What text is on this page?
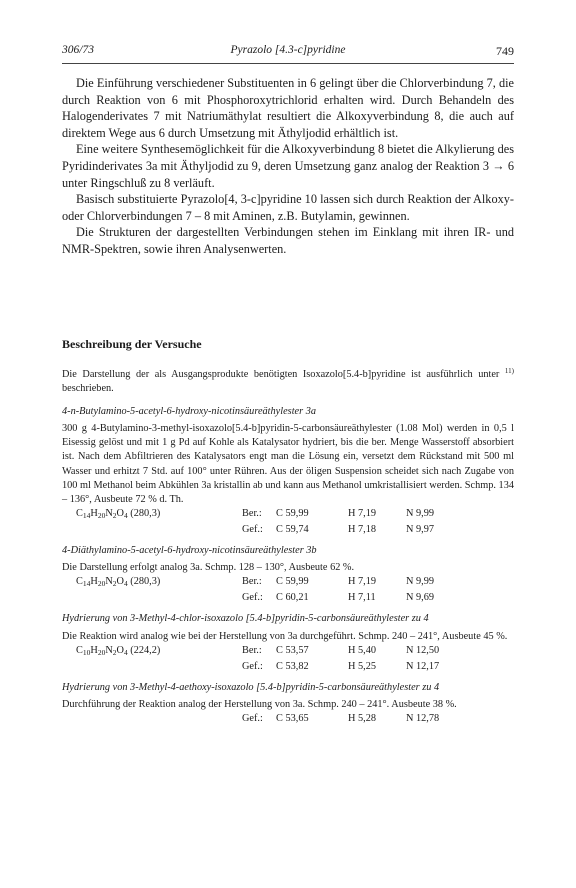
306/73	Pyrazolo [4.3-c]pyridine	749

Die Einführung verschiedener Substituenten in 6 gelingt über die Chlorverbindung 7, die durch Reaktion von 6 mit Phosphoroxytrichlorid erhalten wird. Durch Behandeln des Halogenderivates 7 mit Natriumäthylat resultiert die Alkoxyverbindung 8, die auch auf direktem Wege aus 6 durch Umsetzung mit Äthyljodid erhältlich ist.

Eine weitere Synthesemöglichkeit für die Alkoxyverbindung 8 bietet die Alkylierung des Pyridinderivates 3a mit Äthyljodid zu 9, deren Umsetzung ganz analog der Reaktion 3 → 6 unter Ringschluß zu 8 verläuft.

Basisch substituierte Pyrazolo[4, 3-c]pyridine 10 lassen sich durch Reaktion der Alkoxy- oder Chlorverbindungen 7 – 8 mit Aminen, z.B. Butylamin, gewinnen.

Die Strukturen der dargestellten Verbindungen stehen im Einklang mit ihren IR- und NMR-Spektren, sowie ihren Analysenwerten.

Beschreibung der Versuche

Die Darstellung der als Ausgangsprodukte benötigten Isoxazolo[5.4-b]pyridine ist ausführlich unter $^{11)}$ beschrieben.

4-n-Butylamino-5-acetyl-6-hydroxy-nicotinsäureäthylester 3a

300 g 4-Butylamino-3-methyl-isoxazolo[5.4-b]pyridin-5-carbonsäureäthylester (1.08 Mol) werden in 0,5 l Eisessig gelöst und mit 1 g Pd auf Kohle als Katalysator hydriert, bis die ber. Menge Wasserstoff absorbiert ist. Nach dem Abfiltrieren des Katalysators engt man die Lösung ein, versetzt dem Rückstand mit 500 ml Wasser und erhitzt 7 Std. auf 100° unter Rühren. Aus der öligen Suspension scheidet sich nach Zugabe von 100 ml Methanol beim Abkühlen 3a kristallin ab und kann aus Methanol umkristallisiert werden. Schmp. 134 – 136°, Ausbeute 72 % d. Th.

$C_{14}H_{20}N_2O_4$ (280,3)	Ber.:	C 59,99	H 7,19	N 9,99
Gef.:	C 59,74	H 7,18	N 9,97

4-Diäthylamino-5-acetyl-6-hydroxy-nicotinsäureäthylester 3b

Die Darstellung erfolgt analog 3a. Schmp. 128 – 130°, Ausbeute 62 %.

$C_{14}H_{20}N_2O_4$ (280,3)	Ber.:	C 59,99	H 7,19	N 9,99
Gef.:	C 60,21	H 7,11	N 9,69

Hydrierung von 3-Methyl-4-chlor-isoxazolo [5.4-b]pyridin-5-carbonsäureäthylester zu 4

Die Reaktion wird analog wie bei der Herstellung von 3a durchgeführt. Schmp. 240 – 241°, Ausbeute 45 %.

$C_{10}H_{20}N_2O_4$ (224,2)	Ber.:	C 53,57	H 5,40	N 12,50
Gef.:	C 53,82	H 5,25	N 12,17

Hydrierung von 3-Methyl-4-aethoxy-isoxazolo [5.4-b]pyridin-5-carbonsäureäthylester zu 4

Durchführung der Reaktion analog der Herstellung von 3a. Schmp. 240 – 241°. Ausbeute 38 %.

Gef.:	C 53,65	H 5,28	N 12,78
